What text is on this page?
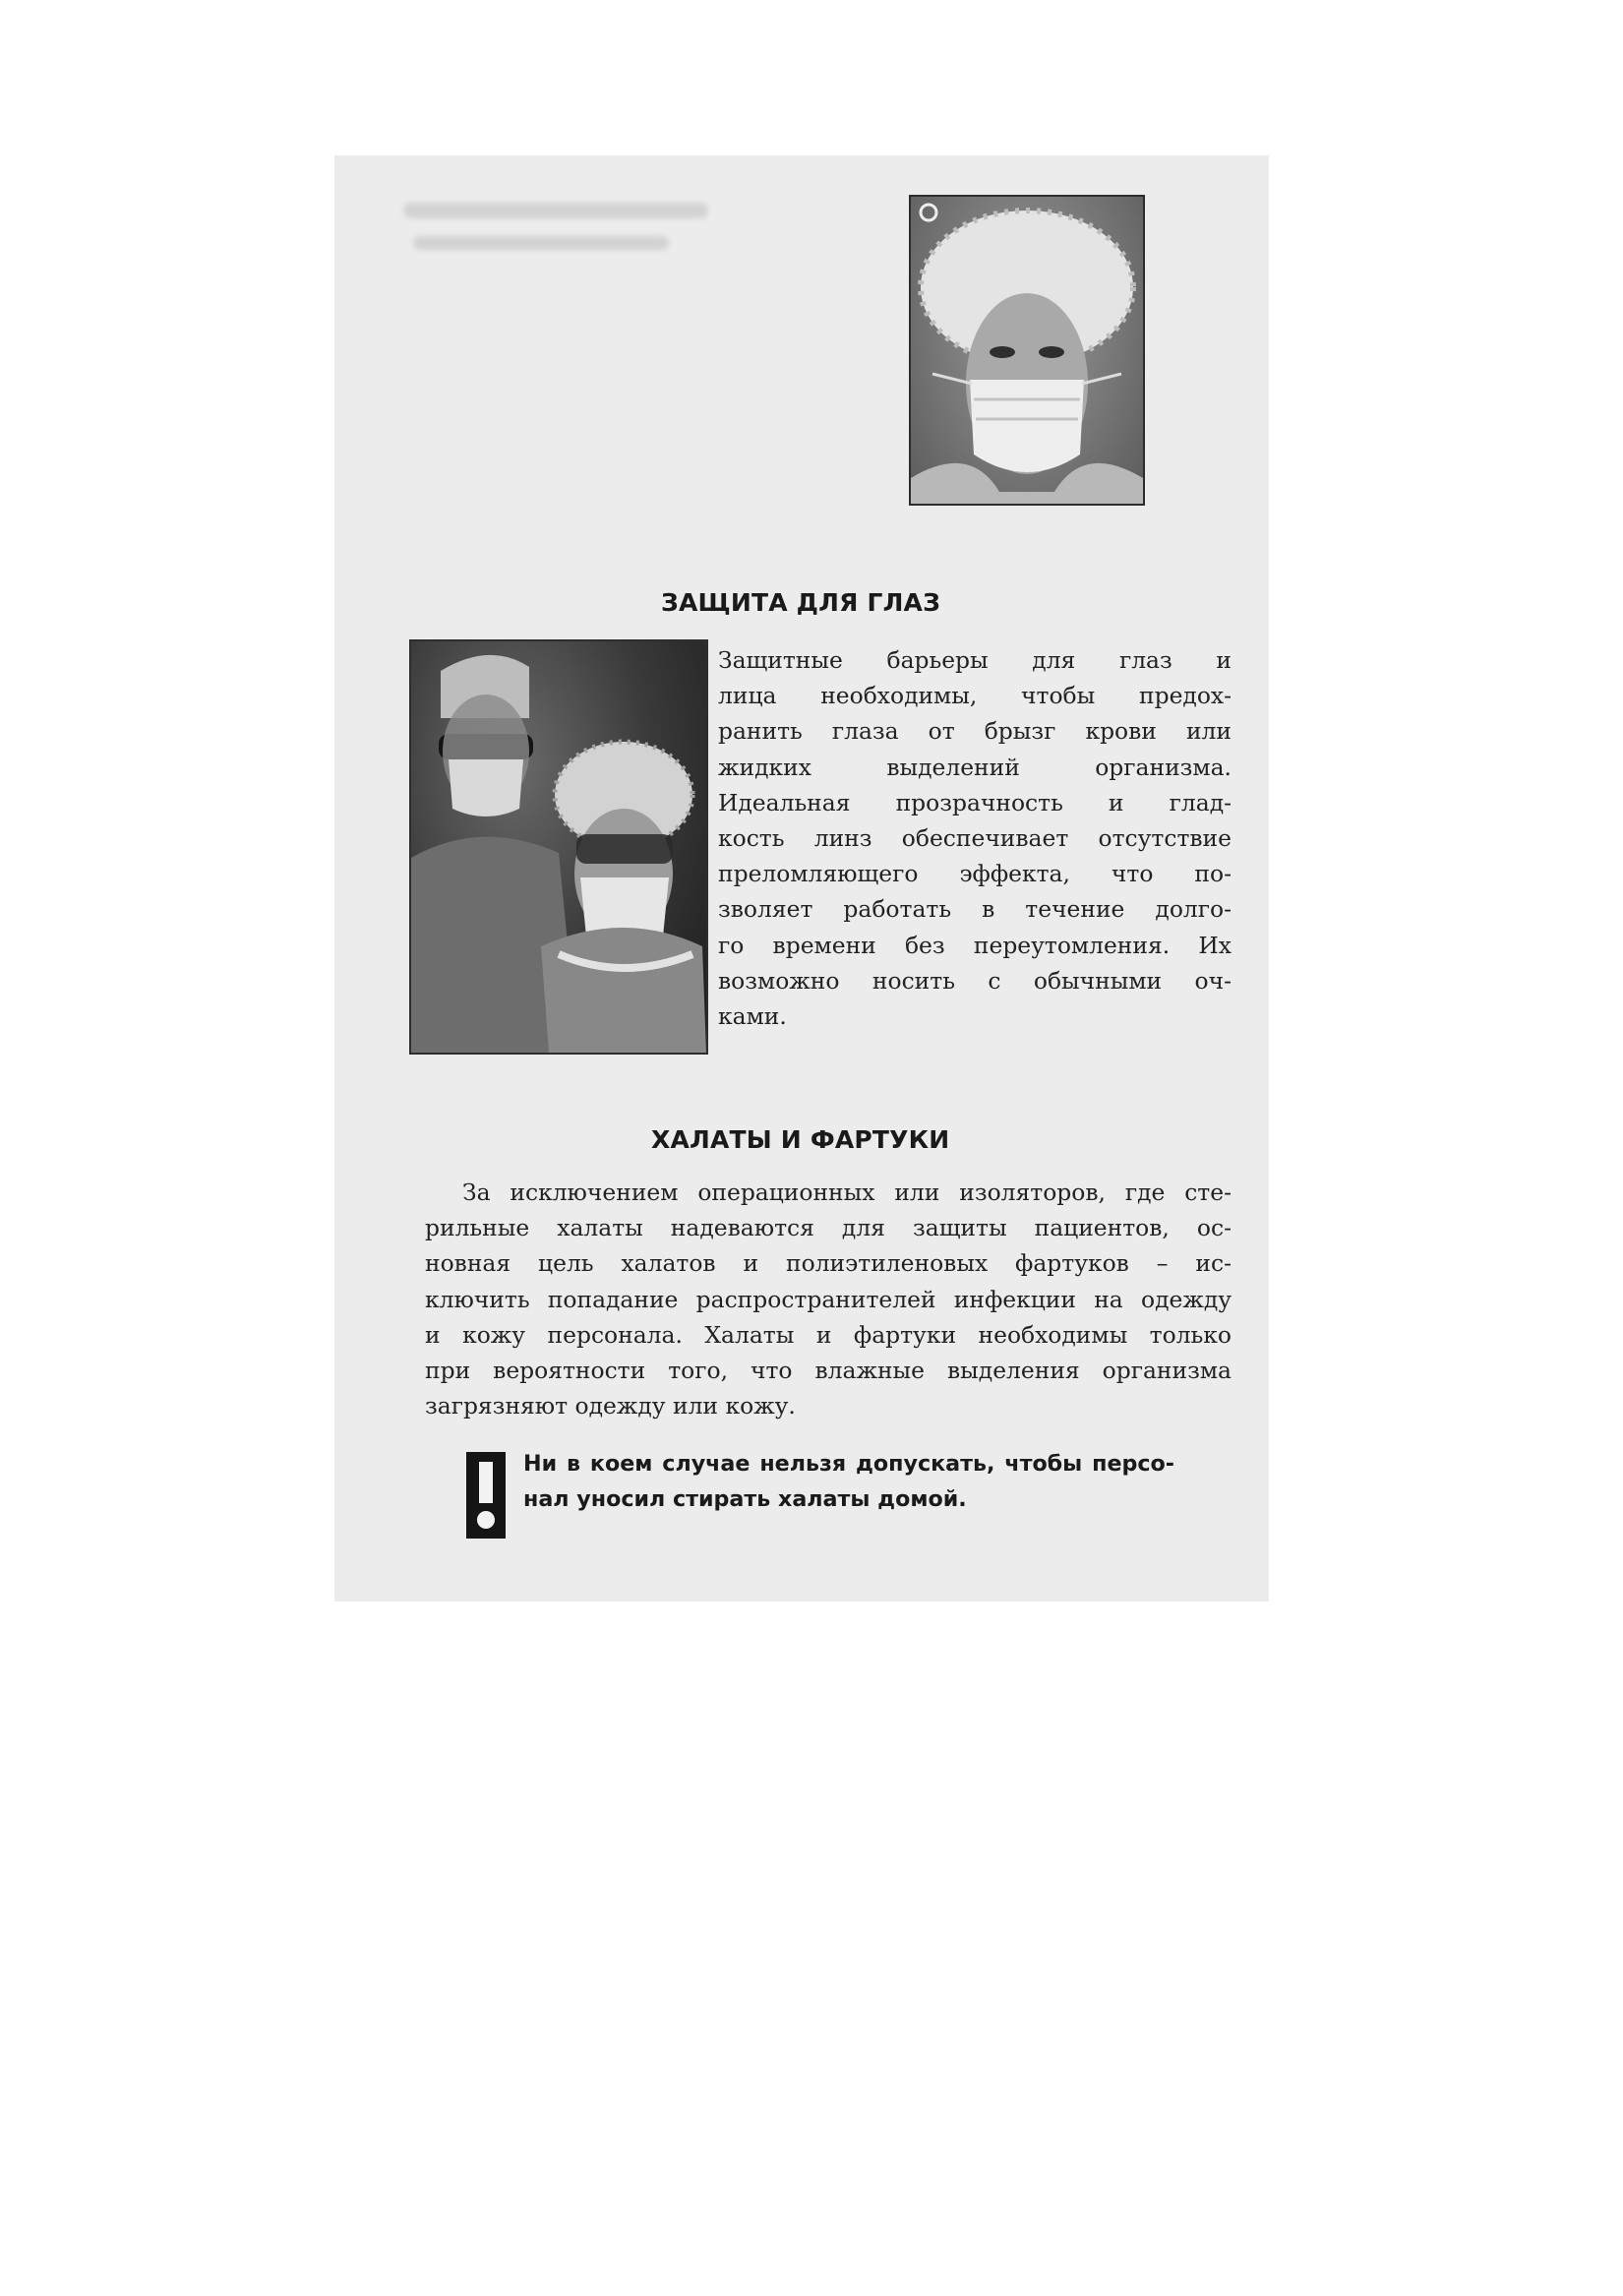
ЗАЩИТА ДЛЯ ГЛАЗ

Защитные барьеры для глаз и
лица необходимы, чтобы предох-
ранить глаза от брызг крови или
жидких выделений организма.
Идеальная прозрачность и глад-
кость линз обеспечивает отсутствие
преломляющего эффекта, что по-
зволяет работать в течение долго-
го времени без переутомления. Их
возможно носить с обычными оч-
ками.

ХАЛАТЫ И ФАРТУКИ

За исключением операционных или изоляторов, где сте-
рильные халаты надеваются для защиты пациентов, ос-
новная цель халатов и полиэтиленовых фартуков – ис-
ключить попадание распространителей инфекции на одежду
и кожу персонала. Халаты и фартуки необходимы только
при вероятности того, что влажные выделения организма
загрязняют одежду или кожу.

Ни в коем случае нельзя допускать, чтобы персо-
нал уносил стирать халаты домой.
